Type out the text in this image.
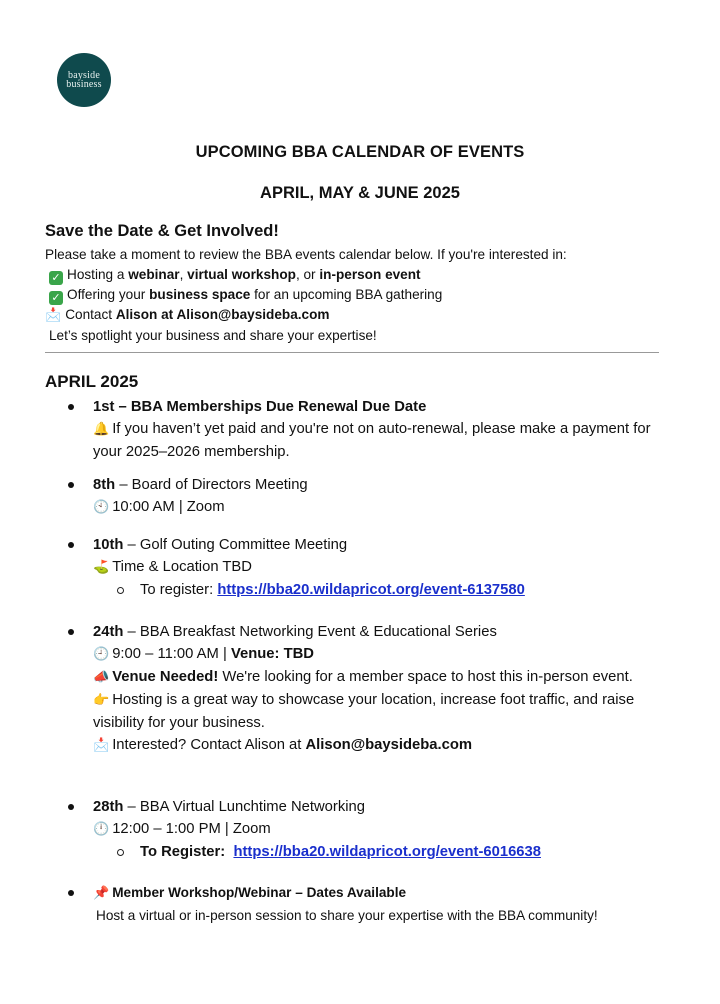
bayside
business
UPCOMING BBA CALENDAR OF EVENTS
APRIL, MAY & JUNE 2025
Save the Date & Get Involved!
Please take a moment to review the BBA events calendar below. If you're interested in:
✓ Hosting a webinar, virtual workshop, or in-person event
✓ Offering your business space for an upcoming BBA gathering
📩 Contact Alison at Alison@baysideba.com
Let’s spotlight your business and share your expertise!
APRIL 2025
1st – BBA Memberships Due Renewal Due Date
🔔 If you haven’t yet paid and you're not on auto-renewal, please make a payment for your 2025–2026 membership.
8th – Board of Directors Meeting
🕙 10:00 AM | Zoom
10th – Golf Outing Committee Meeting
⛳ Time & Location TBD
To register: https://bba20.wildapricot.org/event-6137580
24th – BBA Breakfast Networking Event & Educational Series
🕘 9:00 – 11:00 AM | Venue: TBD
📣 Venue Needed! We're looking for a member space to host this in-person event.
👉 Hosting is a great way to showcase your location, increase foot traffic, and raise visibility for your business.
📩 Interested? Contact Alison at Alison@baysideba.com
28th – BBA Virtual Lunchtime Networking
🕛 12:00 – 1:00 PM | Zoom
To Register:  https://bba20.wildapricot.org/event-6016638
📌 Member Workshop/Webinar – Dates Available
Host a virtual or in-person session to share your expertise with the BBA community!
